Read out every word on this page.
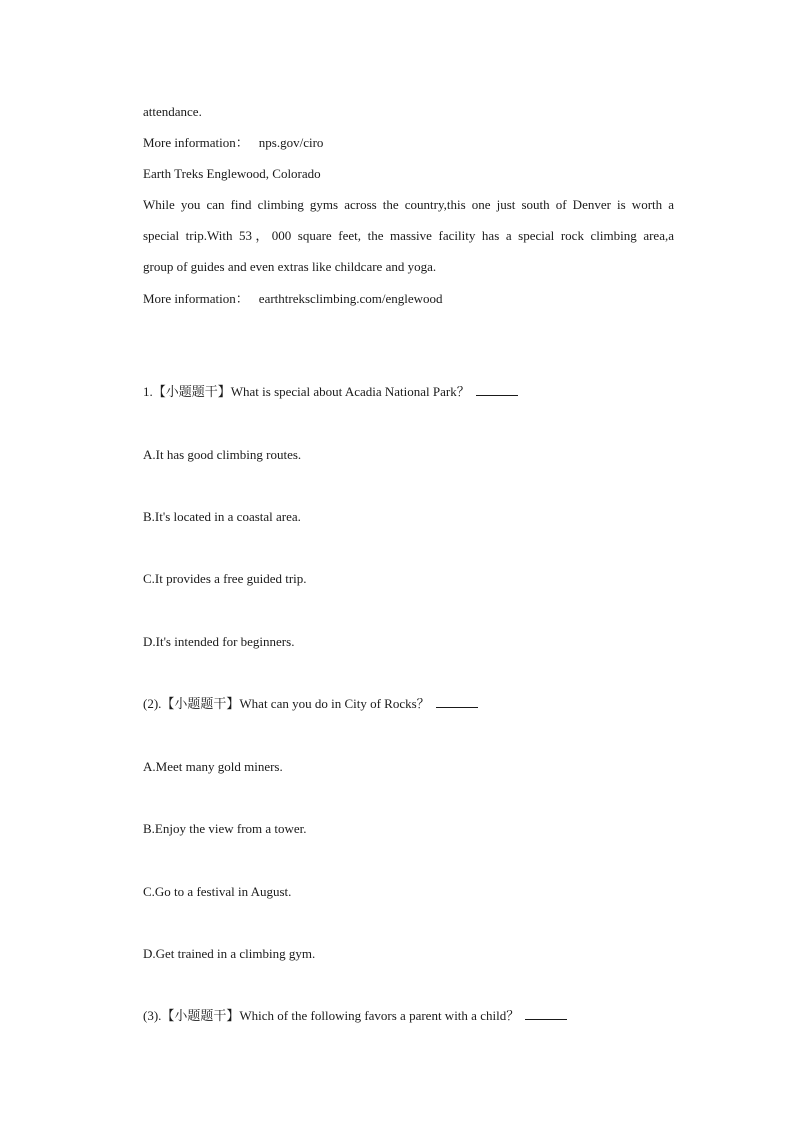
attendance.
More information： nps.gov/ciro
Earth Treks Englewood, Colorado
While you can find climbing gyms across the country,this one just south of Denver is worth a
special trip.With 53，000 square feet, the massive facility has a special rock climbing area,a
group of guides and even extras like childcare and yoga.
More information： earthtreksclimbing.com/englewood
1.【小题题干】What is special about Acadia National Park？
A.It has good climbing routes.
B.It's located in a coastal area.
C.It provides a free guided trip.
D.It's intended for beginners.
(2).【小题题干】What can you do in City of Rocks？
A.Meet many gold miners.
B.Enjoy the view from a tower.
C.Go to a festival in August.
D.Get trained in a climbing gym.
(3).【小题题干】Which of the following favors a parent with a child？
